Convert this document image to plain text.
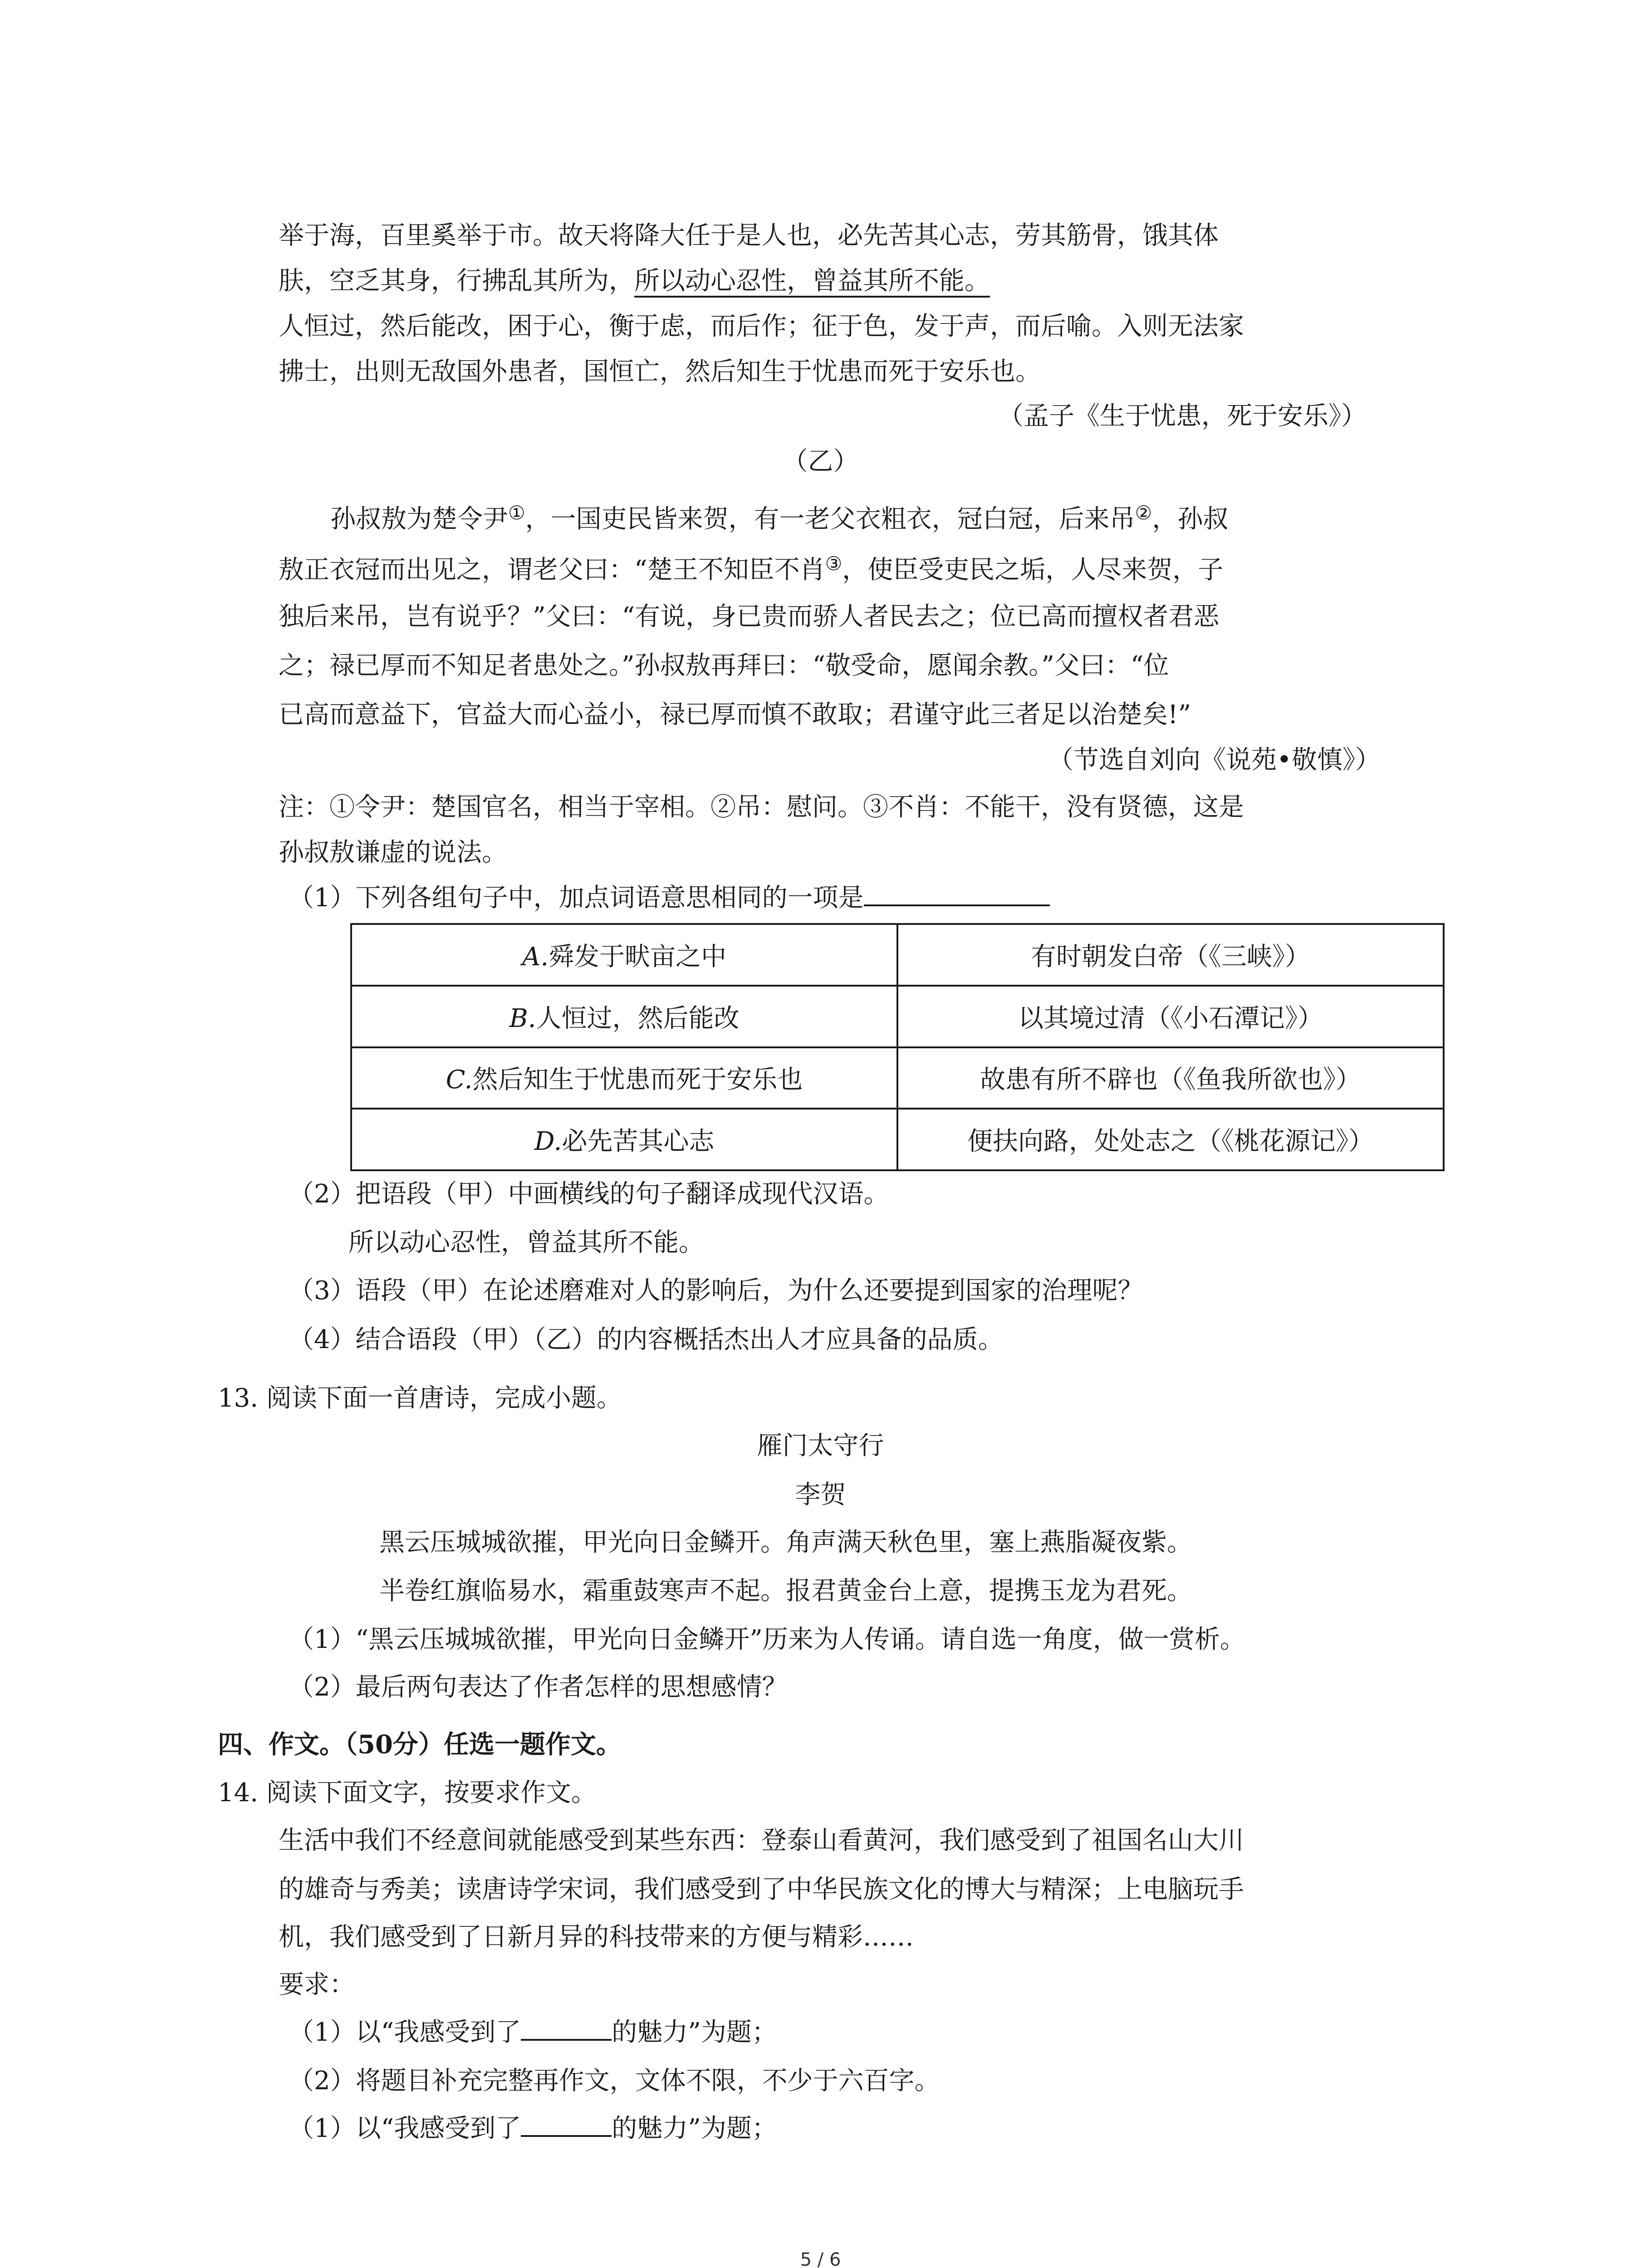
举于海，百里奚举于市。故天将降大任于是人也，必先苦其心志，劳其筋骨，饿其体
肤，空乏其身，行拂乱其所为，所以动心忍性，曾益其所不能。
人恒过，然后能改，困于心，衡于虑，而后作；征于色，发于声，而后喻。入则无法家
拂士，出则无敌国外患者，国恒亡，然后知生于忧患而死于安乐也。
（孟子《生于忧患，死于安乐》）
（乙）
孙叔敖为楚令尹①，一国吏民皆来贺，有一老父衣粗衣，冠白冠，后来吊②，孙叔
敖正衣冠而出见之，谓老父曰：“楚王不知臣不肖③，使臣受吏民之垢，人尽来贺，子
独后来吊，岂有说乎？”父曰：“有说，身已贵而骄人者民去之；位已高而擅权者君恶
之；禄已厚而不知足者患处之。”孙叔敖再拜曰：“敬受命，愿闻余教。”父曰：“位
已高而意益下，官益大而心益小，禄已厚而慎不敢取；君谨守此三者足以治楚矣!”
（节选自刘向《说苑•敬慎》）
注：①令尹：楚国官名，相当于宰相。②吊：慰问。③不肖：不能干，没有贤德，这是
孙叔敖谦虚的说法。
（1）下列各组句子中，加点词语意思相同的一项是
A.舜发于畎亩之中	有时朝发白帝（《三峡》）
B.人恒过，然后能改	以其境过清（《小石潭记》）
C.然后知生于忧患而死于安乐也	故患有所不辟也（《鱼我所欲也》）
D.必先苦其心志	便扶向路，处处志之（《桃花源记》）
（2）把语段（甲）中画横线的句子翻译成现代汉语。
所以动心忍性，曾益其所不能。
（3）语段（甲）在论述磨难对人的影响后，为什么还要提到国家的治理呢？
（4）结合语段（甲）（乙）的内容概括杰出人才应具备的品质。
13. 阅读下面一首唐诗，完成小题。
雁门太守行
李贺
黑云压城城欲摧，甲光向日金鳞开。角声满天秋色里，塞上燕脂凝夜紫。
半卷红旗临易水，霜重鼓寒声不起。报君黄金台上意，提携玉龙为君死。
（1）“黑云压城城欲摧，甲光向日金鳞开”历来为人传诵。请自选一角度，做一赏析。
（2）最后两句表达了作者怎样的思想感情？
四、作文。（50分）任选一题作文。
14. 阅读下面文字，按要求作文。
生活中我们不经意间就能感受到某些东西：登泰山看黄河，我们感受到了祖国名山大川
的雄奇与秀美；读唐诗学宋词，我们感受到了中华民族文化的博大与精深；上电脑玩手
机，我们感受到了日新月异的科技带来的方便与精彩……
要求：
（1）以“我感受到了	的魅力”为题；
（2）将题目补充完整再作文，文体不限，不少于六百字。
（1）以“我感受到了	的魅力”为题；
5 / 6
